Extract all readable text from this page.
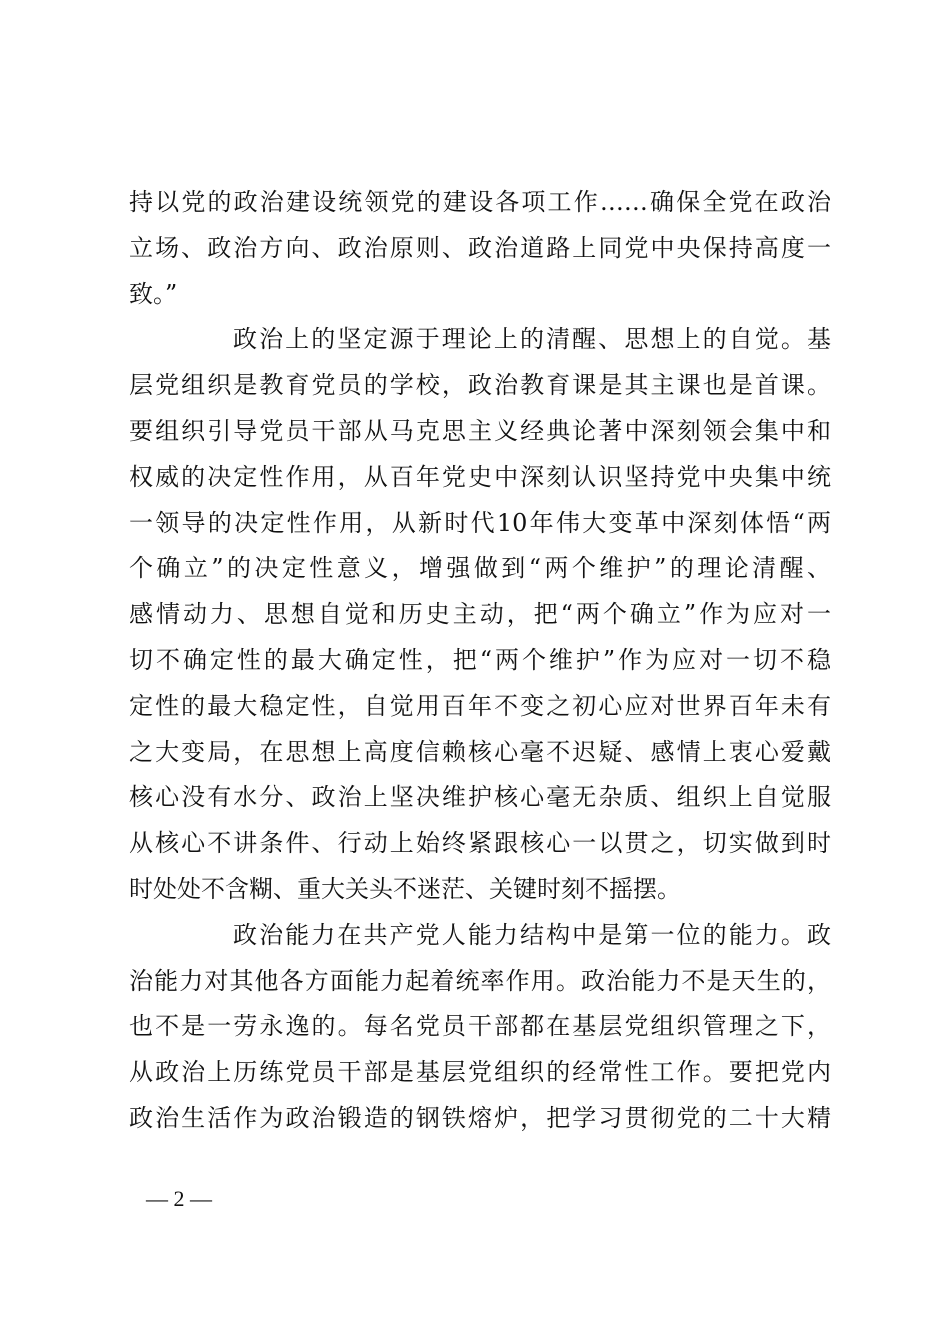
持以党的政治建设统领党的建设各项工作……确保全党在政治
立场、政治方向、政治原则、政治道路上同党中央保持高度一
致。”
政治上的坚定源于理论上的清醒、思想上的自觉。基
层党组织是教育党员的学校，政治教育课是其主课也是首课。
要组织引导党员干部从马克思主义经典论著中深刻领会集中和
权威的决定性作用，从百年党史中深刻认识坚持党中央集中统
一领导的决定性作用，从新时代10年伟大变革中深刻体悟“两
个确立”的决定性意义，增强做到“两个维护”的理论清醒、
感情动力、思想自觉和历史主动，把“两个确立”作为应对一
切不确定性的最大确定性，把“两个维护”作为应对一切不稳
定性的最大稳定性，自觉用百年不变之初心应对世界百年未有
之大变局，在思想上高度信赖核心毫不迟疑、感情上衷心爱戴
核心没有水分、政治上坚决维护核心毫无杂质、组织上自觉服
从核心不讲条件、行动上始终紧跟核心一以贯之，切实做到时
时处处不含糊、重大关头不迷茫、关键时刻不摇摆。
政治能力在共产党人能力结构中是第一位的能力。政
治能力对其他各方面能力起着统率作用。政治能力不是天生的，
也不是一劳永逸的。每名党员干部都在基层党组织管理之下，
从政治上历练党员干部是基层党组织的经常性工作。要把党内
政治生活作为政治锻造的钢铁熔炉，把学习贯彻党的二十大精
— 2 —
